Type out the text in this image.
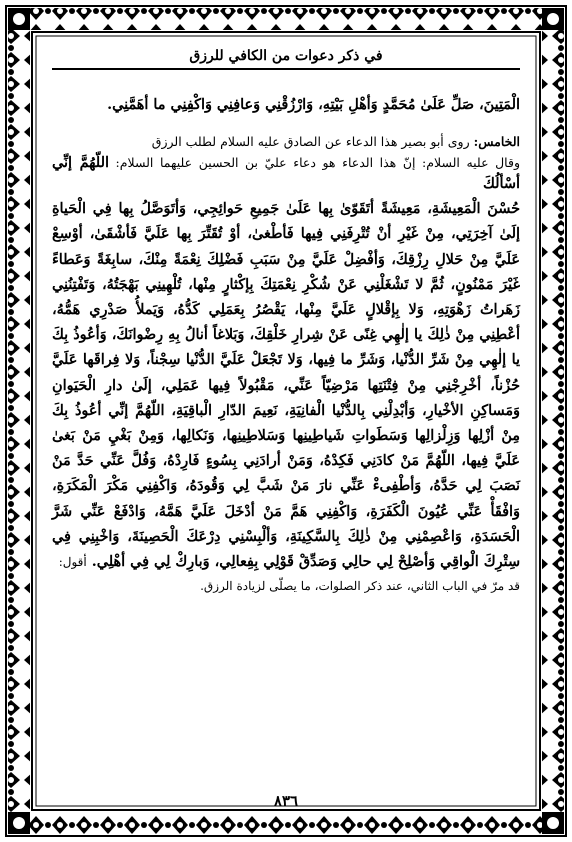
في ذكر دعوات من الكافي للرزق

الْمَتِينَ، صَلِّ عَلَىٰ مُحَمَّدٍ وَأهْلِ بَيْتِهِ، وَارْزُقْنِي وَعافِنِي وَاكْفِنِي ما أهَمَّنِي.

الخامس: روى أبو بصير هذا الدعاء عن الصادق عليه السلام لطلب الرزق
وقال عليه السلام: إنّ هذا الدعاء هو دعاء عليّ بن الحسين عليهما السلام: اللّهُمَّ إنِّي أسْألُكَ

حُسْنَ الْمَعِيشَةِ، مَعِيشَةً أتَقَوّىٰ بِها عَلَىٰ جَمِيعِ حَوائِجِي، وَأتَوَصَّلُ بِها فِي الْحَياةِ إلَىٰ آخِرَتِي، مِنْ غَيْرِ أنْ تُتْرِفَنِي فِيها فَأطْغىٰ، أوْ تُقَتِّرَ بِها عَلَيَّ فَأشْقَىٰ، أوْسِعْ عَلَيَّ مِنْ حَلالِ رِزْقِكَ، وَأفْضِلْ عَلَيَّ مِنْ سَبَبِ فَضْلِكَ نِعْمَةً مِنْكَ، سابِغَةً وَعَطاءً غَيْرَ مَمْنُونٍ، ثُمَّ لا تَشْغَلْنِي عَنْ شُكْرِ نِعْمَتِكَ بِإكْثارٍ مِنْها، تُلْهِينِي بَهْجَتُهُ، وَتَفْتِنُنِي زَهَراتُ زَهْوَتِهِ، وَلا بِإقْلالٍ عَلَيَّ مِنْها، يَقْصُرُ بِعَمَلِي كَدُّهُ، وَيَملأُ صَدْرِي هَمُّهُ، أعْطِنِي مِنْ ذٰلِكَ يا إلٰهِي غِنًى عَنْ شِرارِ خَلْقِكَ، وَبَلاغاً أنالُ بِهِ رِضْوانَكَ، وَأعُوذُ بِكَ يا إلٰهِي مِنْ شَرِّ الدُّنْيا، وَشَرِّ ما فِيها، وَلا تَجْعَلْ عَلَيَّ الدُّنْيا سِجْناً، وَلا فِراقَها عَلَيَّ حُزْناً، أخْرِجْنِي مِنْ فِتْنَتِها مَرْضِيّاً عَنِّي، مَقْبُولاً فِيها عَمَلِي، إلَىٰ دارِ الْحَيَوانِ وَمَساكِنِ الأخْيارِ، وَأبْدِلْنِي بِالدُّنْيا الْفانِيَةِ، نَعِيمَ الدّارِ الْباقِيَةِ، اللّهُمَّ إنِّي أعُوذُ بِكَ مِنْ أزْلِها وَزِلْزالِها وَسَطَواتِ شَياطِينِها وَسَلاطِينِها، وَنَكالِها، وَمِنْ بَغْيِ مَنْ بَغىٰ عَلَيَّ فِيها، اللّهُمَّ مَنْ كادَنِي فَكِدْهُ، وَمَنْ أرادَنِي بِسُوءٍ فَارِدْهُ، وَفُلَّ عَنِّي حَدَّ مَنْ نَصَبَ لِي حَدَّهُ، وَأطْفِىءْ عَنِّي نارَ مَنْ شَبَّ لِي وَقُودَهُ، وَاكْفِنِي مَكْرَ الْمَكَرَةِ، وَافْقَأْ عَنِّي عُيُونَ الْكَفَرَةِ، وَاكْفِنِي هَمَّ مَنْ أدْخَلَ عَلَيَّ هَمَّهُ، وَادْفَعْ عَنِّي شَرَّ الْحَسَدَةِ، وَاعْصِمْنِي مِنْ ذٰلِكَ بِالسَّكِينَةِ، وَألْبِسْنِي دِرْعَكَ الْحَصِينَةَ، وَاخْبِنِي فِي سِتْرِكَ الْواقِي وَأصْلِحْ لِي حالِي وَصَدِّقْ قَوْلِي بِفِعالِي، وَبارِكْ لِي فِي أهْلِي. أقول:

قد مرّ في الباب الثاني، عند ذكر الصلوات، ما يصلّى لزيادة الرزق.

٨٣٦
